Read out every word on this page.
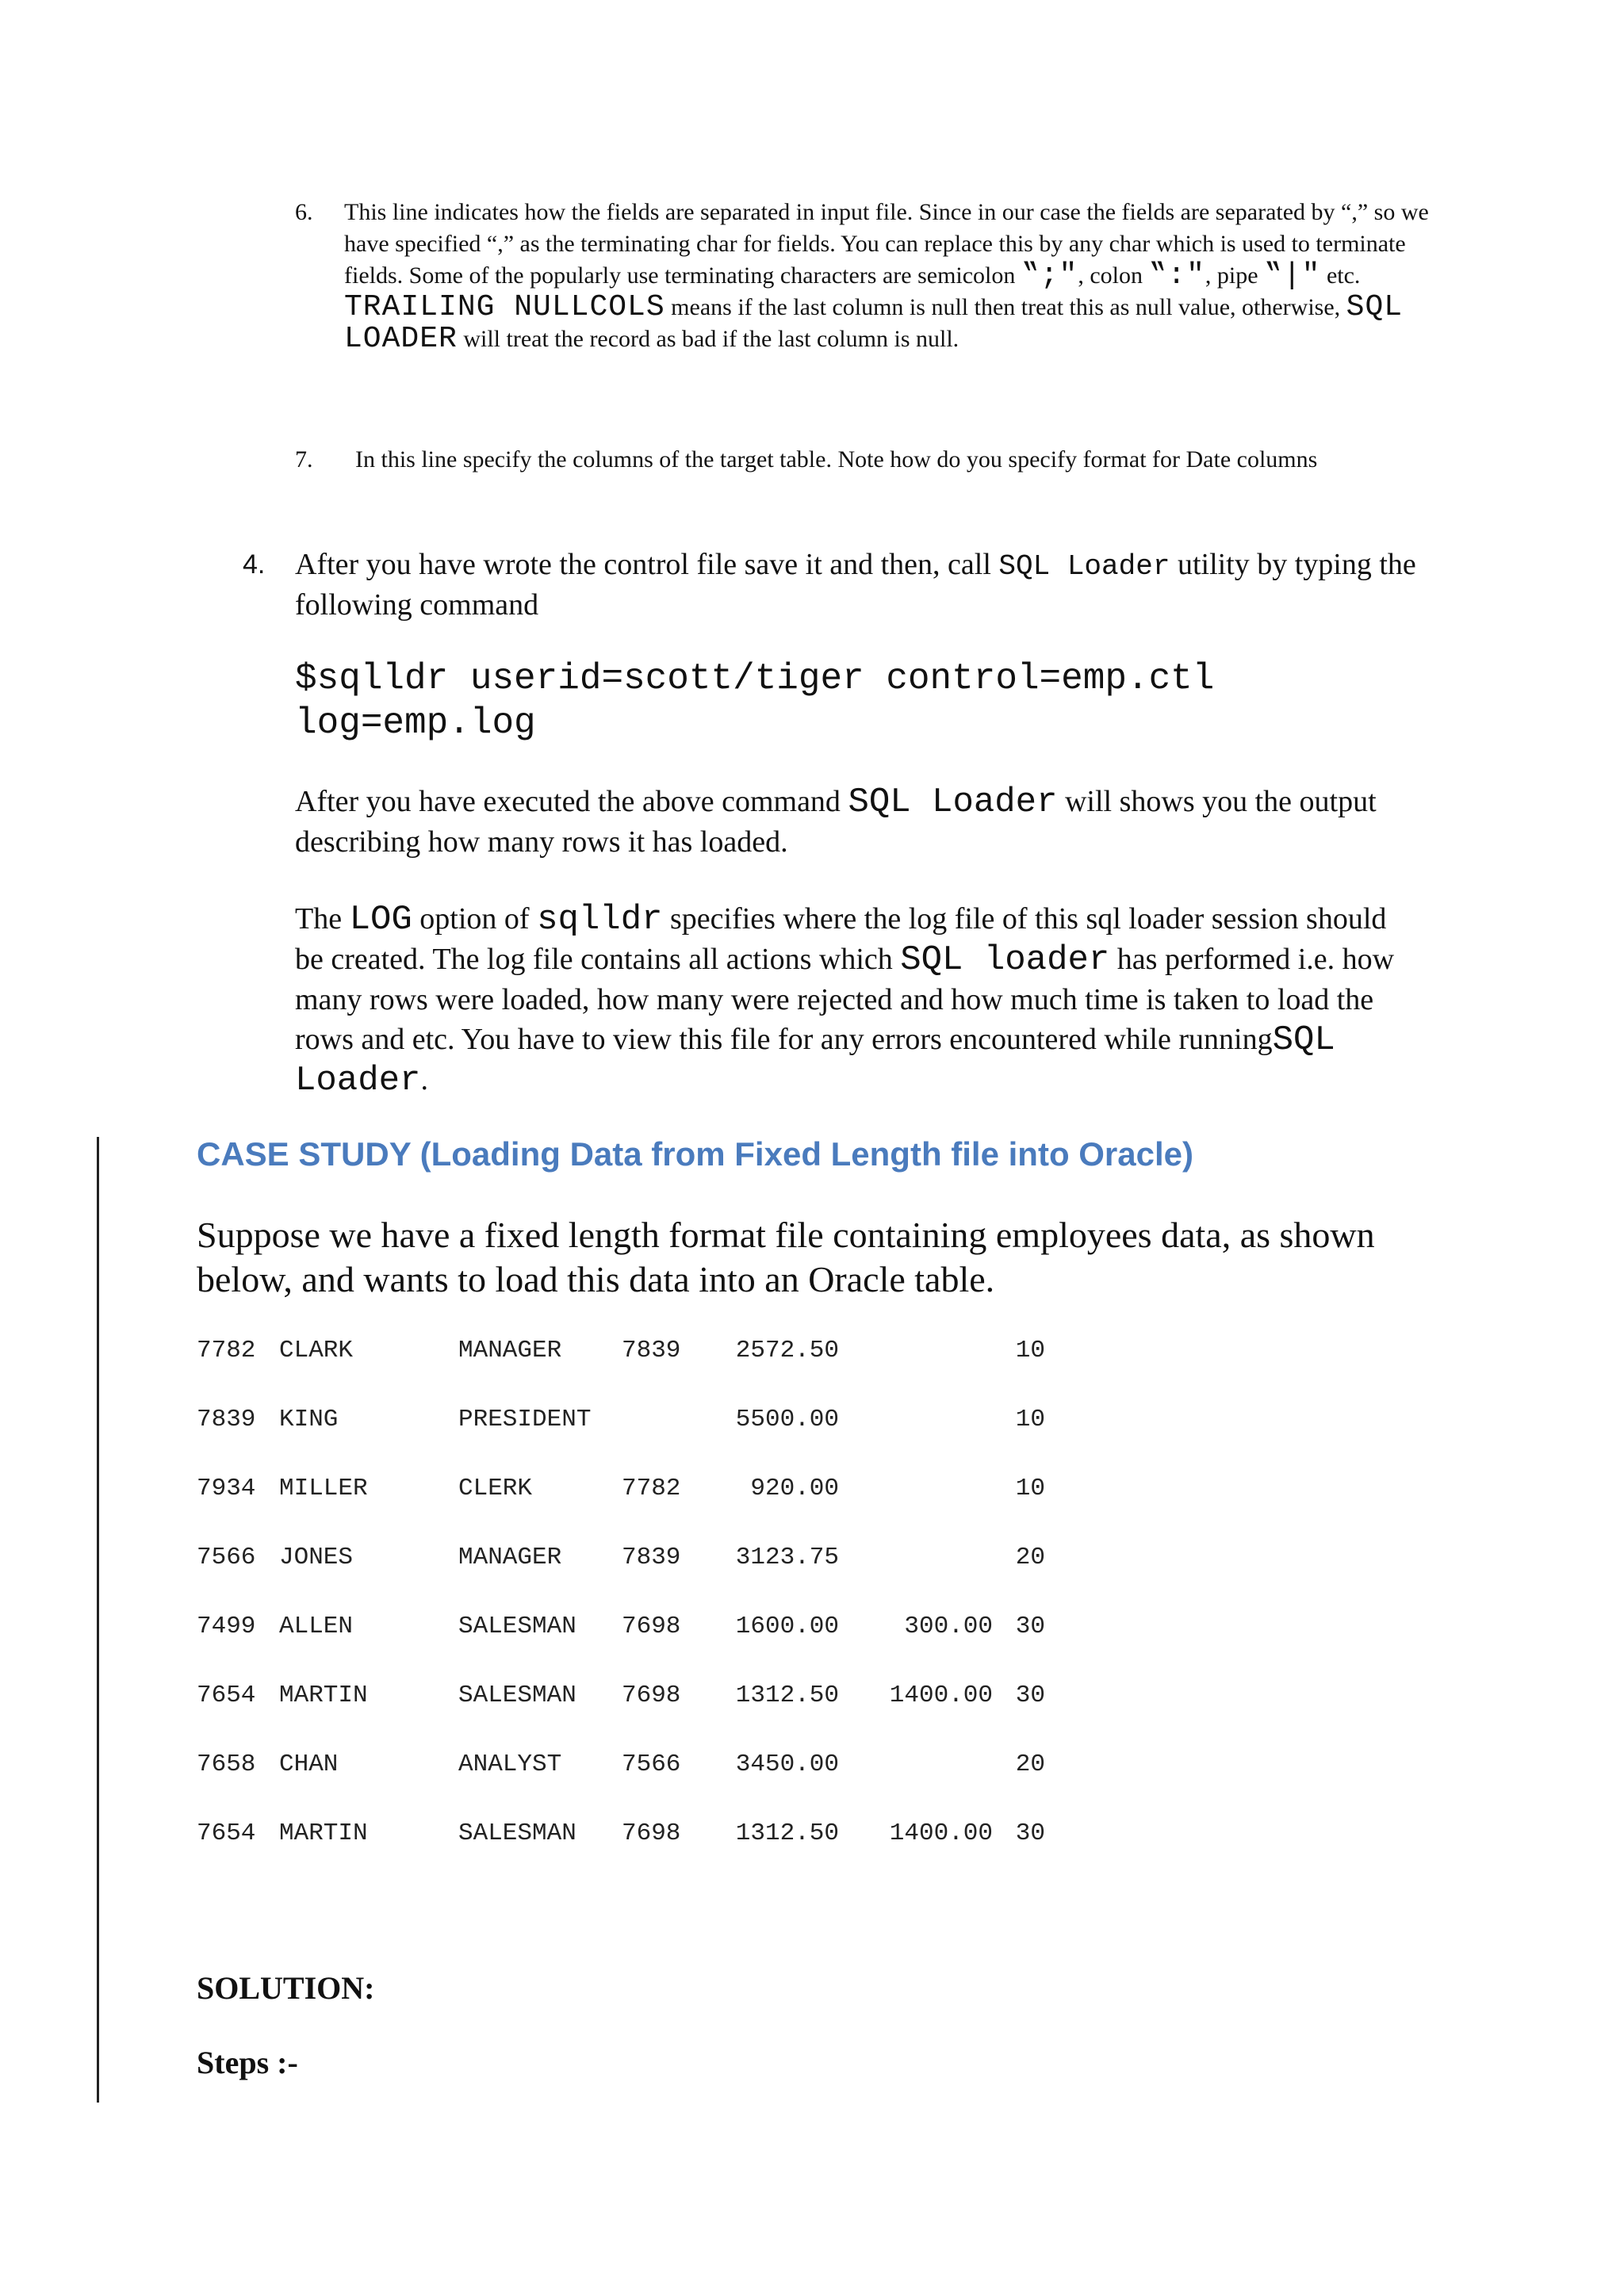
6. This line indicates how the fields are separated in input file. Since in our case the fields are separated by “,” so we have specified “,” as the terminating char for fields. You can replace this by any char which is used to terminate fields. Some of the popularly use terminating characters are semicolon ‟;″, colon ‟:″, pipe ‟|″ etc. TRAILING NULLCOLS means if the last column is null then treat this as null value, otherwise, SQL LOADER will treat the record as bad if the last column is null.
7.	In this line specify the columns of the target table. Note how do you specify format for Date columns
4. After you have wrote the control file save it and then, call SQL Loader utility by typing the following command
$sqlldr userid=scott/tiger control=emp.ctl
log=emp.log
After you have executed the above command SQL Loader will shows you the output describing how many rows it has loaded.
The LOG option of sqlldr specifies where the log file of this sql loader session should be created. The log file contains all actions which SQL loader has performed i.e. how many rows were loaded, how many were rejected and how much time is taken to load the rows and etc. You have to view this file for any errors encountered while runningSQL Loader.
CASE STUDY (Loading Data from Fixed Length file into Oracle)
Suppose we have a fixed length format file containing employees data, as shown below, and wants to load this data into an Oracle table.
7782	CLARK	MANAGER	7839	2572.50		10
7839	KING	PRESIDENT		5500.00		10
7934	MILLER	CLERK	7782	920.00		10
7566	JONES	MANAGER	7839	3123.75		20
7499	ALLEN	SALESMAN	7698	1600.00	300.00	30
7654	MARTIN	SALESMAN	7698	1312.50	1400.00	30
7658	CHAN	ANALYST	7566	3450.00		20
7654	MARTIN	SALESMAN	7698	1312.50	1400.00	30
SOLUTION:
Steps :-
